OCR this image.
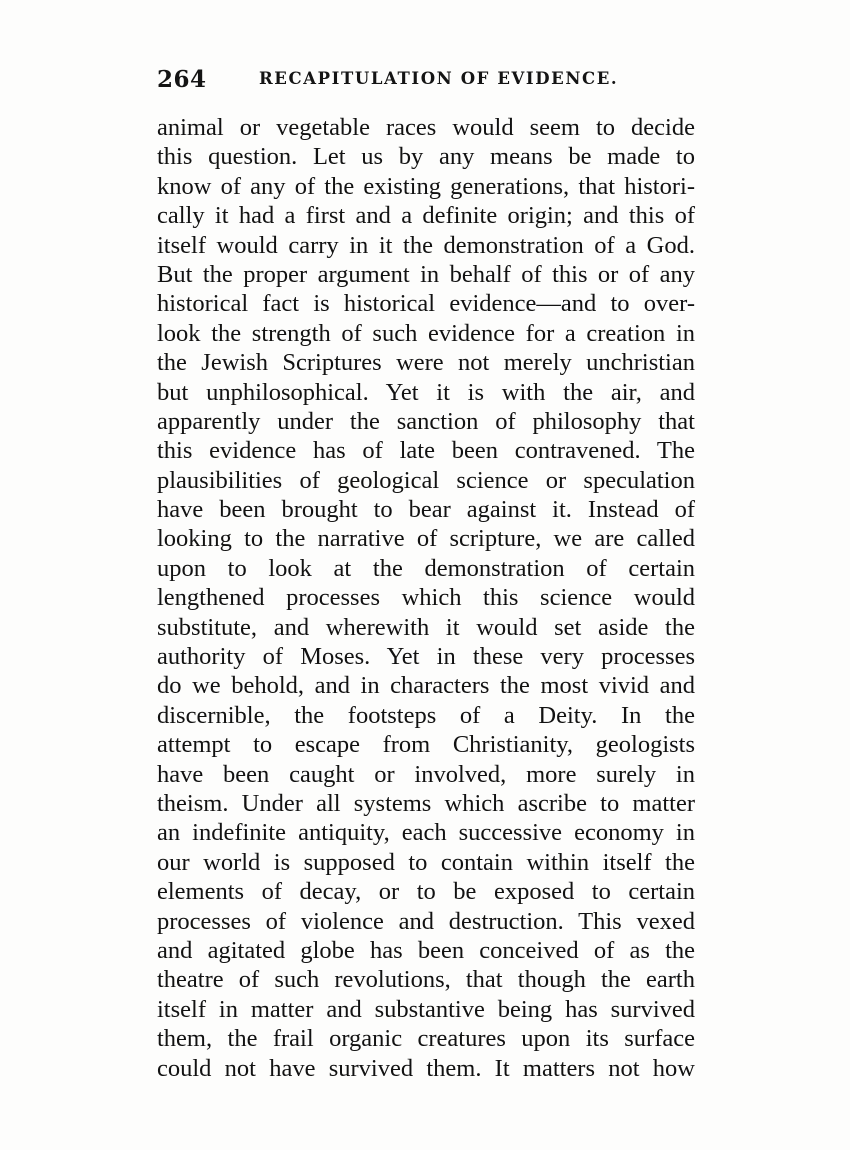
264	RECAPITULATION OF EVIDENCE.
animal or vegetable races would seem to decide
this question. Let us by any means be made to
know of any of the existing generations, that histori-
cally it had a first and a definite origin; and this of
itself would carry in it the demonstration of a God.
But the proper argument in behalf of this or of any
historical fact is historical evidence—and to over-
look the strength of such evidence for a creation in
the Jewish Scriptures were not merely unchristian
but unphilosophical. Yet it is with the air, and
apparently under the sanction of philosophy that
this evidence has of late been contravened. The
plausibilities of geological science or speculation
have been brought to bear against it. Instead of
looking to the narrative of scripture, we are called
upon to look at the demonstration of certain
lengthened processes which this science would
substitute, and wherewith it would set aside the
authority of Moses. Yet in these very processes
do we behold, and in characters the most vivid and
discernible, the footsteps of a Deity. In the
attempt to escape from Christianity, geologists
have been caught or involved, more surely in
theism. Under all systems which ascribe to matter
an indefinite antiquity, each successive economy in
our world is supposed to contain within itself the
elements of decay, or to be exposed to certain
processes of violence and destruction. This vexed
and agitated globe has been conceived of as the
theatre of such revolutions, that though the earth
itself in matter and substantive being has survived
them, the frail organic creatures upon its surface
could not have survived them. It matters not how
